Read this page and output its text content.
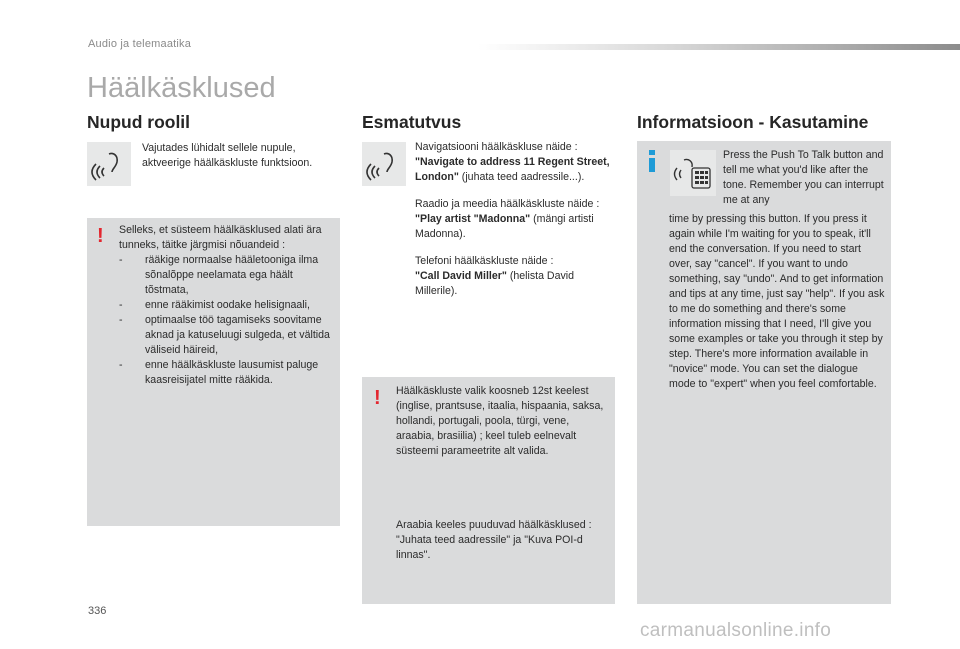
Audio ja telemaatika
Häälkäsklused
Nupud roolil
Vajutades lühidalt sellele nupule, aktveerige häälkäskluste funktsioon.
! Selleks, et süsteem häälkäsklused alati ära tunneks, täitke järgmisi nõuandeid :
- rääkige normaalse hääletooniga ilma sõnalõppe neelamata ega häält tõstmata,
- enne rääkimist oodake helisignaali,
- optimaalse töö tagamiseks soovitame aknad ja katuseluugi sulgeda, et vältida väliseid häireid,
- enne häälkäskluste lausumist paluge kaasreisijatel mitte rääkida.
Esmatutvus
Navigatsiooni häälkäskluse näide :
"Navigate to address 11 Regent Street, London" (juhata teed aadressile...).
Raadio ja meedia häälkäskluste näide :
"Play artist "Madonna" (mängi artisti Madonna).
Telefoni häälkäskluste näide :
"Call David Miller" (helista David Millerile).
! Häälkäskluste valik koosneb 12st keelest (inglise, prantsuse, itaalia, hispaania, saksa, hollandi, portugali, poola, türgi, vene, araabia, brasiilia) ; keel tuleb eelnevalt süsteemi parameetrite alt valida.
Araabia keeles puuduvad häälkäsklused : "Juhata teed aadressile" ja "Kuva POI-d linnas".
Informatsioon - Kasutamine
Press the Push To Talk button and tell me what you'd like after the tone. Remember you can interrupt me at any
time by pressing this button. If you press it again while I'm waiting for you to speak, it'll end the conversation. If you need to start over, say "cancel". If you want to undo something, say "undo". And to get information and tips at any time, just say "help". If you ask to me do something and there's some information missing that I need, I'll give you some examples or take you through it step by step. There's more information available in "novice" mode. You can set the dialogue mode to "expert" when you feel comfortable.
336
carmanualsonline.info
